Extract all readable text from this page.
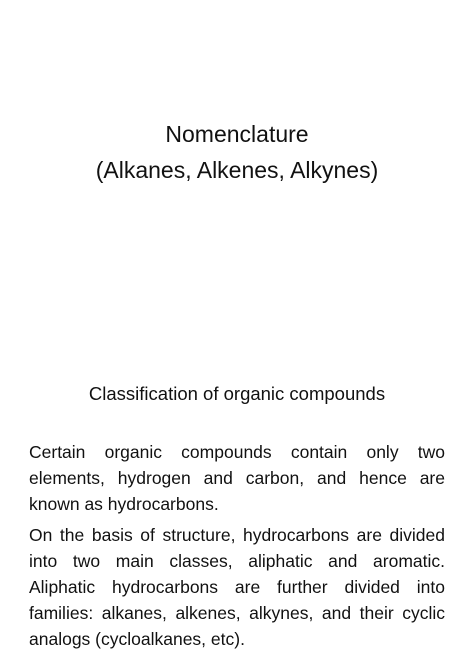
Nomenclature
(Alkanes, Alkenes, Alkynes)
Classification of organic compounds

Certain organic compounds contain only two elements, hydrogen and carbon, and hence are known as hydrocarbons.

On the basis of structure, hydrocarbons are divided into two main classes, aliphatic and aromatic. Aliphatic hydrocarbons are further divided into families: alkanes, alkenes, alkynes, and their cyclic analogs (cycloalkanes, etc).
